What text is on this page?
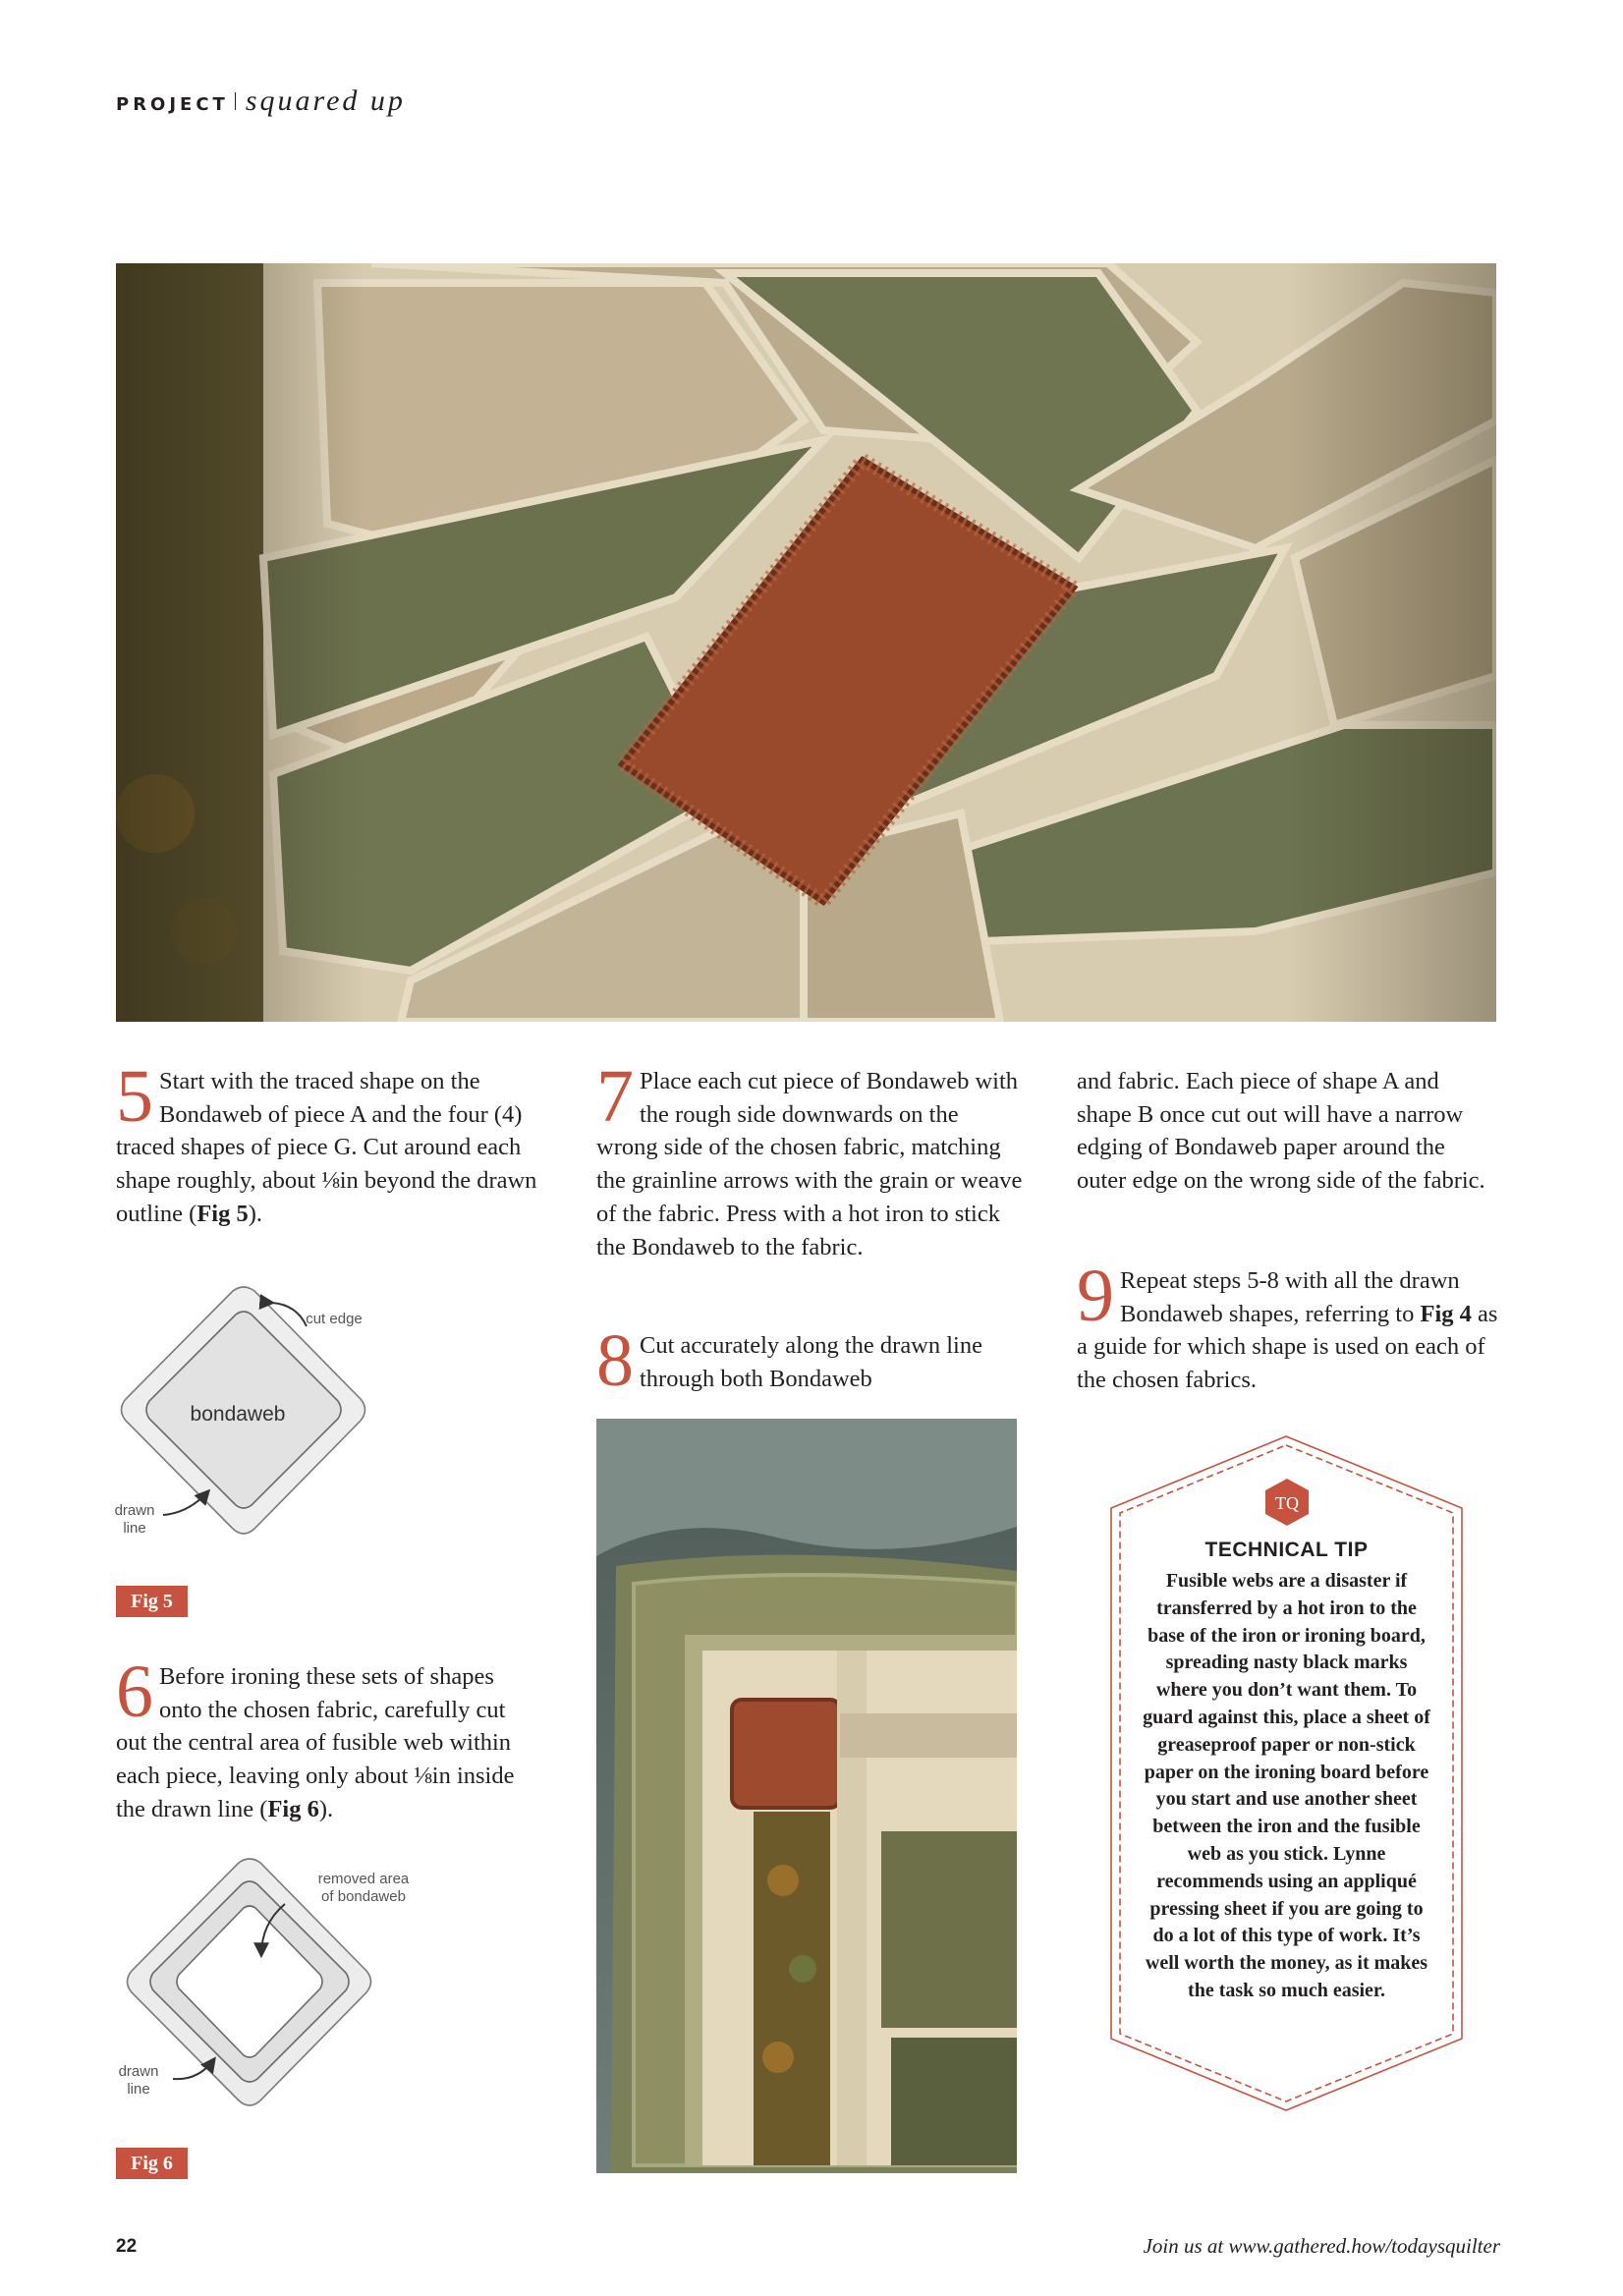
PROJECT squared up

5 Start with the traced shape on the Bondaweb of piece A and the four (4) traced shapes of piece G. Cut around each shape roughly, about ⅛in beyond the drawn outline (Fig 5).

cut edge
bondaweb
drawn line
Fig 5

6 Before ironing these sets of shapes onto the chosen fabric, carefully cut out the central area of fusible web within each piece, leaving only about ⅛in inside the drawn line (Fig 6).

removed area of bondaweb
drawn line
Fig 6

7 Place each cut piece of Bondaweb with the rough side downwards on the wrong side of the chosen fabric, matching the grainline arrows with the grain or weave of the fabric. Press with a hot iron to stick the Bondaweb to the fabric.

8 Cut accurately along the drawn line through both Bondaweb

and fabric. Each piece of shape A and shape B once cut out will have a narrow edging of Bondaweb paper around the outer edge on the wrong side of the fabric.

9 Repeat steps 5-8 with all the drawn Bondaweb shapes, referring to Fig 4 as a guide for which shape is used on each of the chosen fabrics.

TQ
TECHNICAL TIP
Fusible webs are a disaster if transferred by a hot iron to the base of the iron or ironing board, spreading nasty black marks where you don’t want them. To guard against this, place a sheet of greaseproof paper or non-stick paper on the ironing board before you start and use another sheet between the iron and the fusible web as you stick. Lynne recommends using an appliqué pressing sheet if you are going to do a lot of this type of work. It’s well worth the money, as it makes the task so much easier.
22	Join us at www.gathered.how/todaysquilter
